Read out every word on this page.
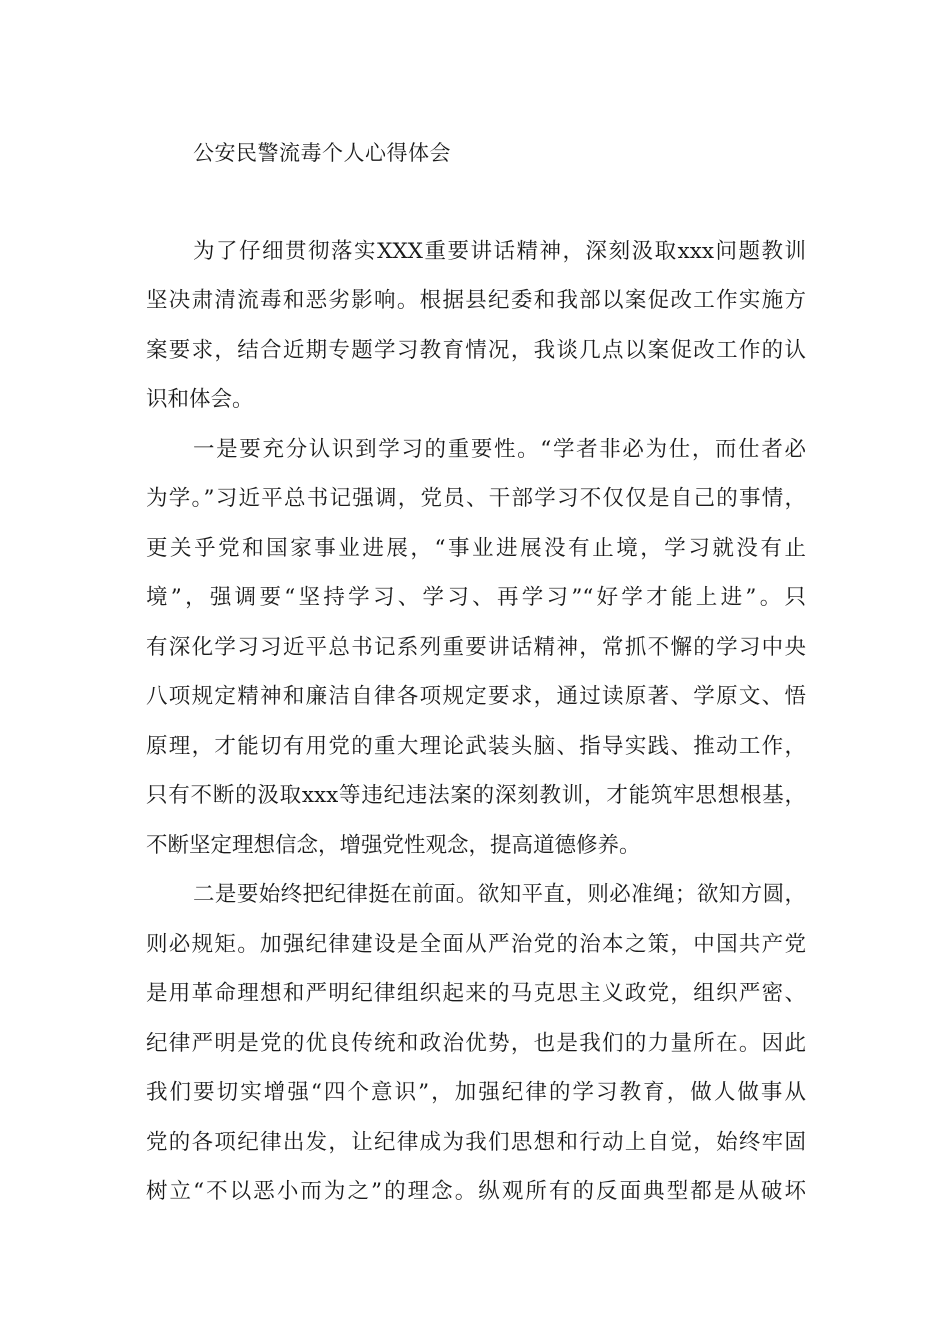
公安民警流毒个人心得体会
为了仔细贯彻落实XXX重要讲话精神，深刻汲取xxx问题教训
坚决肃清流毒和恶劣影响。根据县纪委和我部以案促改工作实施方
案要求，结合近期专题学习教育情况，我谈几点以案促改工作的认
识和体会。
一是要充分认识到学习的重要性。“学者非必为仕，而仕者必
为学。”习近平总书记强调，党员、干部学习不仅仅是自己的事情，
更关乎党和国家事业进展，“事业进展没有止境，学习就没有止
境”，强调要“坚持学习、学习、再学习”“好学才能上进”。只
有深化学习习近平总书记系列重要讲话精神，常抓不懈的学习中央
八项规定精神和廉洁自律各项规定要求，通过读原著、学原文、悟
原理，才能切有用党的重大理论武装头脑、指导实践、推动工作，
只有不断的汲取xxx等违纪违法案的深刻教训，才能筑牢思想根基，
不断坚定理想信念，增强党性观念，提高道德修养。
二是要始终把纪律挺在前面。欲知平直，则必准绳；欲知方圆，
则必规矩。加强纪律建设是全面从严治党的治本之策，中国共产党
是用革命理想和严明纪律组织起来的马克思主义政党，组织严密、
纪律严明是党的优良传统和政治优势，也是我们的力量所在。因此
我们要切实增强“四个意识”，加强纪律的学习教育，做人做事从
党的各项纪律出发，让纪律成为我们思想和行动上自觉，始终牢固
树立“不以恶小而为之”的理念。纵观所有的反面典型都是从破坏
